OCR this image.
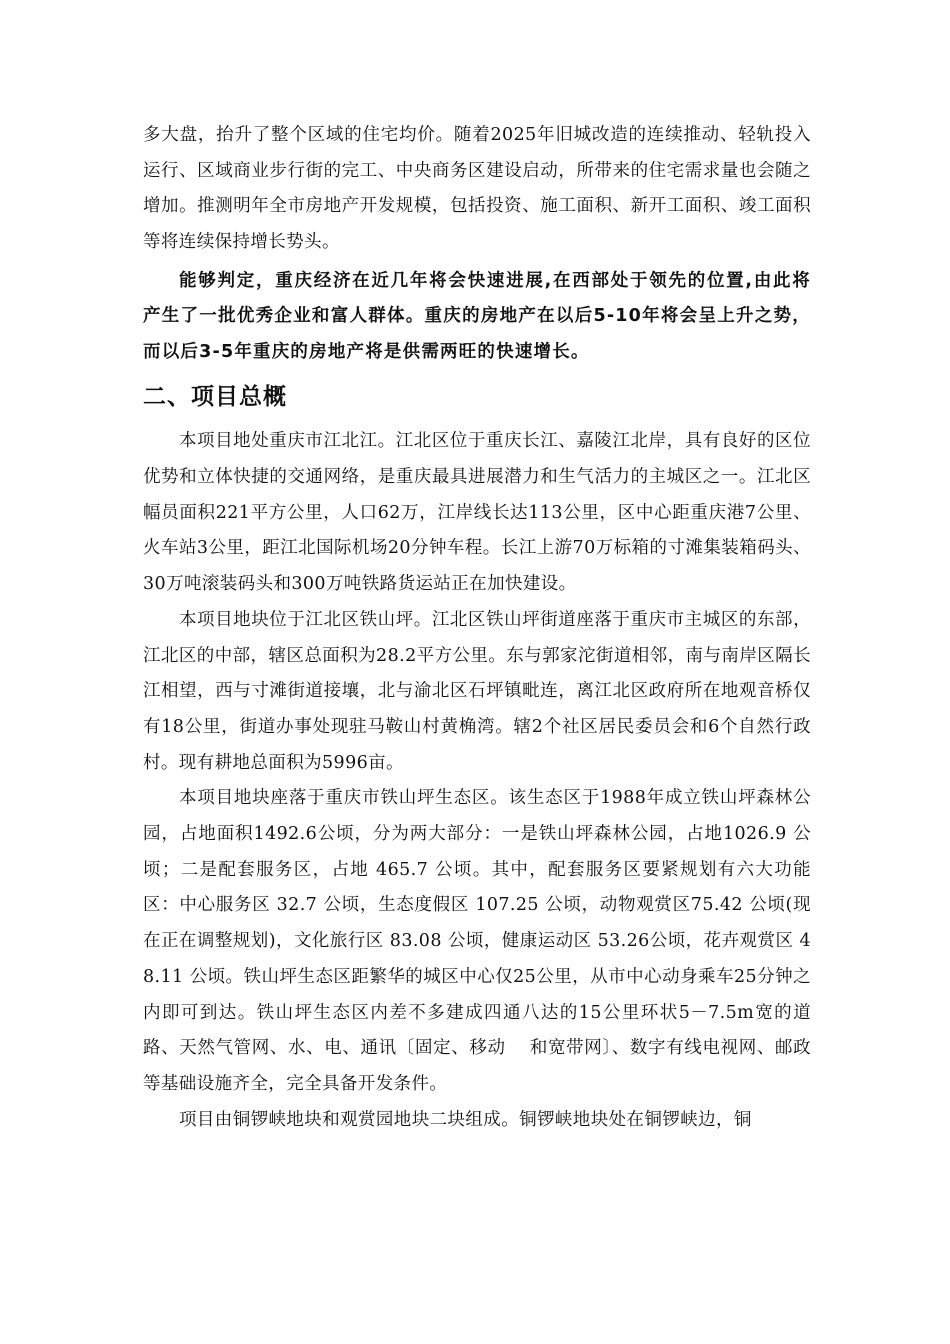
多大盘，抬升了整个区域的住宅均价。随着2025年旧城改造的连续推动、轻轨投入运行、区域商业步行街的完工、中央商务区建设启动，所带来的住宅需求量也会随之增加。推测明年全市房地产开发规模，包括投资、施工面积、新开工面积、竣工面积等将连续保持增长势头。

能够判定，重庆经济在近几年将会快速进展,在西部处于领先的位置,由此将产生了一批优秀企业和富人群体。重庆的房地产在以后5-10年将会呈上升之势，而以后3-5年重庆的房地产将是供需两旺的快速增长。

二、项目总概

本项目地处重庆市江北江。江北区位于重庆长江、嘉陵江北岸，具有良好的区位优势和立体快捷的交通网络，是重庆最具进展潜力和生气活力的主城区之一。江北区幅员面积221平方公里，人口62万，江岸线长达113公里，区中心距重庆港7公里、火车站3公里，距江北国际机场20分钟车程。长江上游70万标箱的寸滩集装箱码头、30万吨滚装码头和300万吨铁路货运站正在加快建设。

本项目地块位于江北区铁山坪。江北区铁山坪街道座落于重庆市主城区的东部，江北区的中部，辖区总面积为28.2平方公里。东与郭家沱街道相邻，南与南岸区隔长江相望，西与寸滩街道接壤，北与渝北区石坪镇毗连，离江北区政府所在地观音桥仅有18公里，街道办事处现驻马鞍山村黄桷湾。辖2个社区居民委员会和6个自然行政村。现有耕地总面积为5996亩。

本项目地块座落于重庆市铁山坪生态区。该生态区于1988年成立铁山坪森林公园，占地面积1492.6公顷，分为两大部分：一是铁山坪森林公园，占地1026.9 公顷；二是配套服务区，占地 465.7 公顷。其中，配套服务区要紧规划有六大功能区：中心服务区 32.7 公顷，生态度假区 107.25 公顷，动物观赏区75.42 公顷(现在正在调整规划)，文化旅行区 83.08 公顷，健康运动区 53.26公顷，花卉观赏区 48.11 公顷。铁山坪生态区距繁华的城区中心仅25公里，从市中心动身乘车25分钟之内即可到达。铁山坪生态区内差不多建成四通八达的15公里环状5－7.5m宽的道路、天然气管网、水、电、通讯〔固定、移动　 和宽带网〕、数字有线电视网、邮政等基础设施齐全，完全具备开发条件。

项目由铜锣峡地块和观赏园地块二块组成。铜锣峡地块处在铜锣峡边，铜
